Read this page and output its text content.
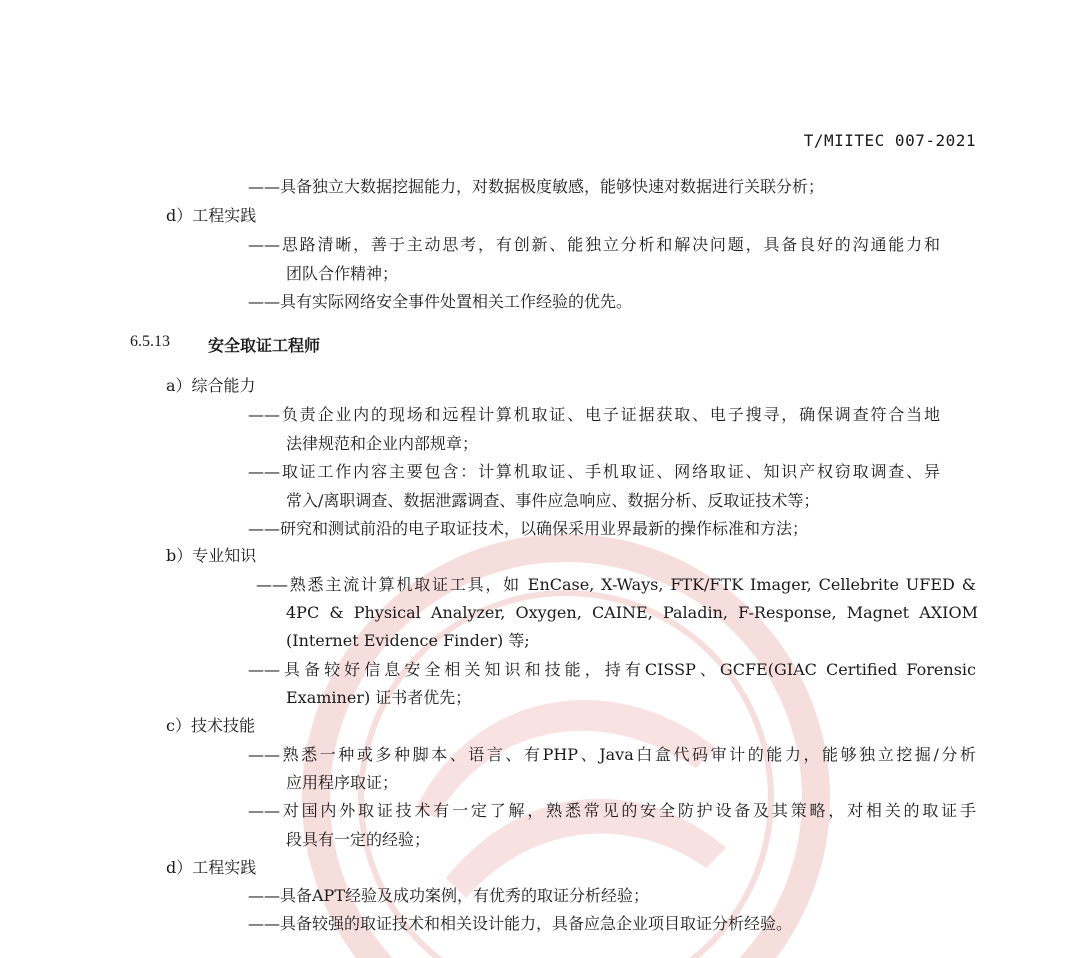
T/MIITEC 007-2021
——具备独立大数据挖掘能力，对数据极度敏感，能够快速对数据进行关联分析；
d）工程实践
——思路清晰，善于主动思考，有创新、能独立分析和解决问题，具备良好的沟通能力和
团队合作精神；
——具有实际网络安全事件处置相关工作经验的优先。
6.5.13 安全取证工程师
a）综合能力
——负责企业内的现场和远程计算机取证、电子证据获取、电子搜寻，确保调查符合当地
法律规范和企业内部规章；
——取证工作内容主要包含：计算机取证、手机取证、网络取证、知识产权窃取调查、异
常入/离职调查、数据泄露调查、事件应急响应、数据分析、反取证技术等；
——研究和测试前沿的电子取证技术，以确保采用业界最新的操作标准和方法；
b）专业知识
——熟悉主流计算机取证工具，如 EnCase, X-Ways, FTK/FTK Imager, Cellebrite UFED &
4PC & Physical Analyzer, Oxygen, CAINE, Paladin, F-Response, Magnet AXIOM
(Internet Evidence Finder) 等;
——具备较好信息安全相关知识和技能，持有CISSP、GCFE(GIAC Certified Forensic
Examiner) 证书者优先；
c）技术技能
——熟悉一种或多种脚本、语言、有PHP、Java白盒代码审计的能力，能够独立挖掘/分析
应用程序取证；
——对国内外取证技术有一定了解，熟悉常见的安全防护设备及其策略，对相关的取证手
段具有一定的经验；
d）工程实践
——具备APT经验及成功案例，有优秀的取证分析经验；
——具备较强的取证技术和相关设计能力，具备应急企业项目取证分析经验。
